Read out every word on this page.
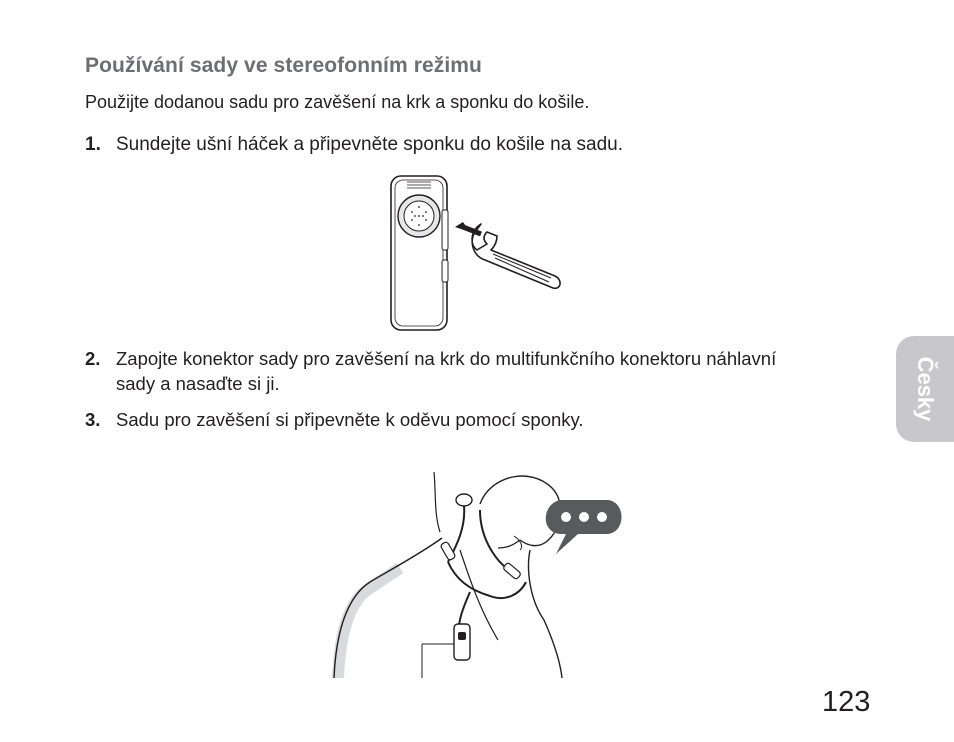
Používání sady ve stereofonním režimu
Použijte dodanou sadu pro zavěšení na krk a sponku do košile.
1. Sundejte ušní háček a připevněte sponku do košile na sadu.
2. Zapojte konektor sady pro zavěšení na krk do multifunkčního konektoru náhlavní sady a nasaďte si ji.
3. Sadu pro zavěšení si připevněte k oděvu pomocí sponky.	Česky
123
